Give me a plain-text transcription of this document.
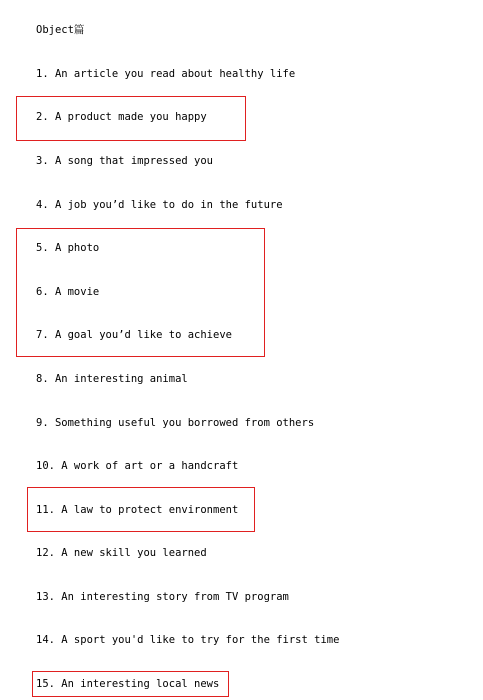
Object篇
1. An article you read about healthy life
2. A product made you happy
3. A song that impressed you
4. A job you’d like to do in the future
5. A photo
6. A movie
7. A goal you’d like to achieve
8. An interesting animal
9. Something useful you borrowed from others
10. A work of art or a handcraft
11. A law to protect environment
12. A new skill you learned
13. An interesting story from TV program
14. A sport you'd like to try for the first time
15. An interesting local news
